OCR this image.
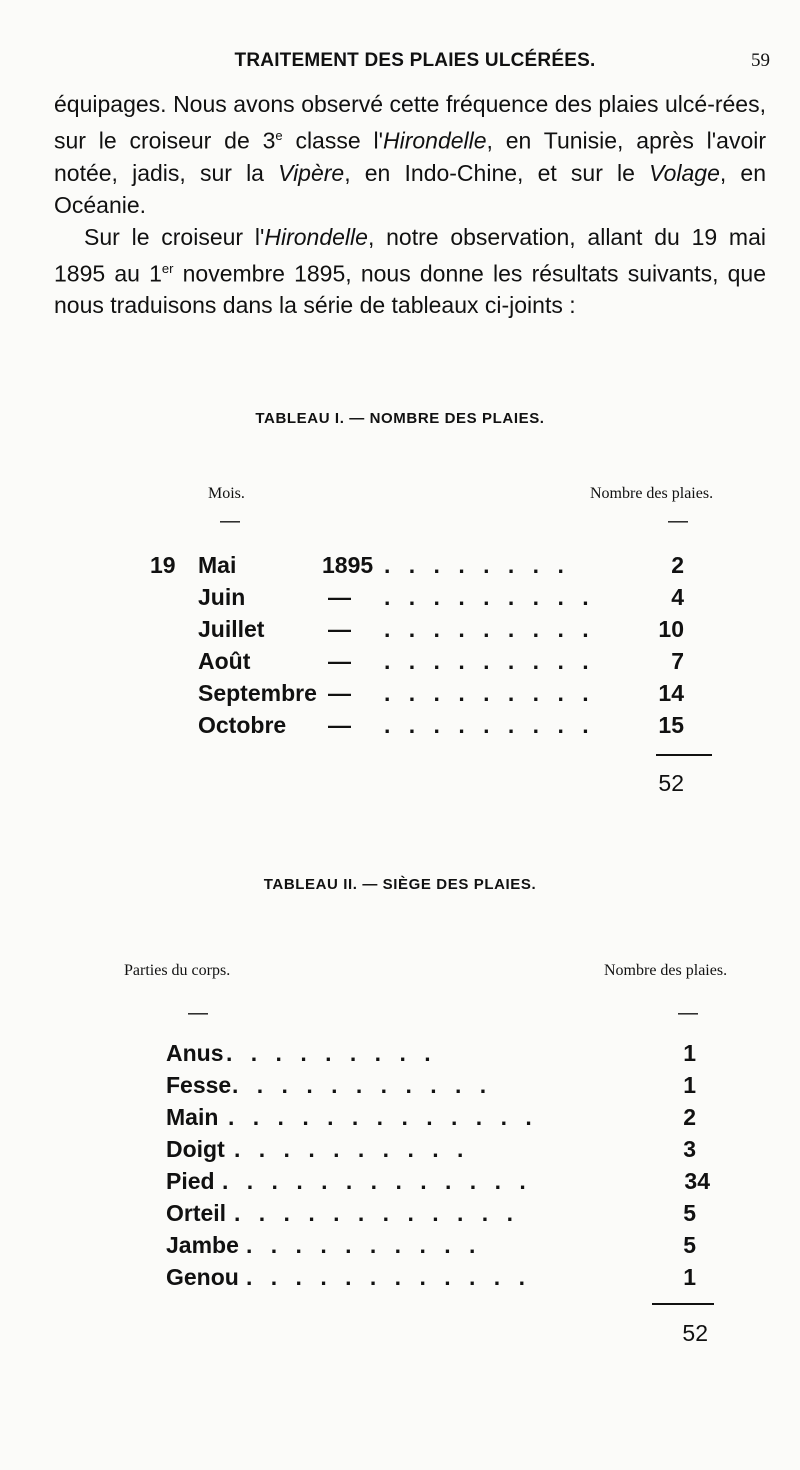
TRAITEMENT DES PLAIES ULCÉRÉES.	59

équipages. Nous avons observé cette fréquence des plaies ulcé-rées, sur le croiseur de 3e classe l'Hirondelle, en Tunisie, après l'avoir notée, jadis, sur la Vipère, en Indo-Chine, et sur le Volage, en Océanie.

Sur le croiseur l'Hirondelle, notre observation, allant du 19 mai 1895 au 1er novembre 1895, nous donne les résultats suivants, que nous traduisons dans la série de tableaux ci-joints :

TABLEAU I. — NOMBRE DES PLAIES.
Mois.	Nombre des plaies.
—	—
19 Mai	1895 . . . . . . . .	2
Juin	— . . . . . . . . .	4
Juillet	— . . . . . . . . .	10
Août	— . . . . . . . . .	7
Septembre — . . . . . . . . .	14
Octobre — . . . . . . . . .	15
52
TABLEAU II. — SIÈGE DES PLAIES.
Parties du corps.	Nombre des plaies.
—	—
Anus . . . . . . . . .	1
Fesse . . . . . . . . . . .	1
Main . . . . . . . . . . . . .	2
Doigt . . . . . . . . . .	3
Pied . . . . . . . . . . . . .	34
Orteil . . . . . . . . . . . .	5
Jambe . . . . . . . . . .	5
Genou . . . . . . . . . . . .	1
52
